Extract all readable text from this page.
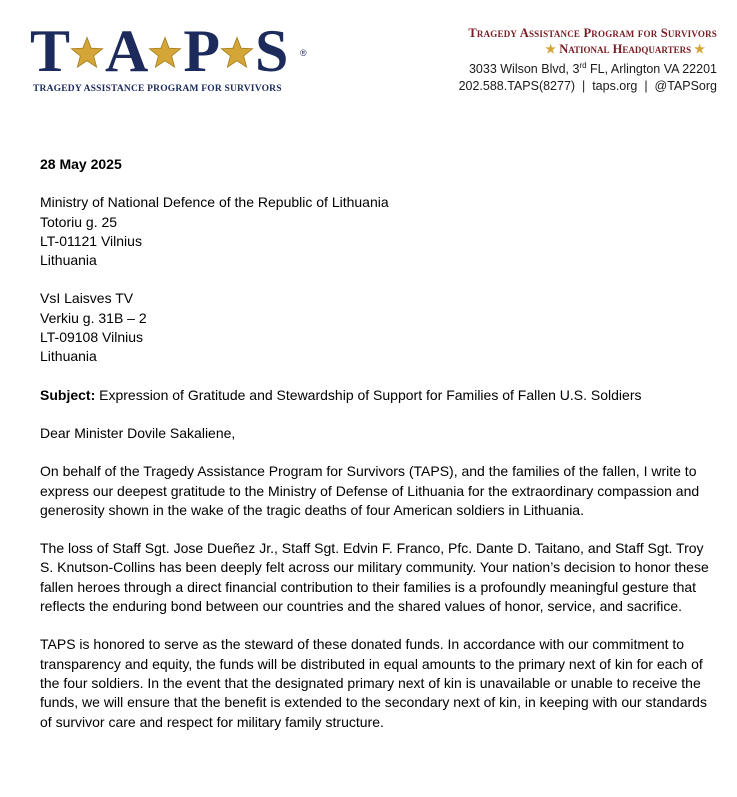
T A P S ®
TRAGEDY ASSISTANCE PROGRAM FOR SURVIVORS
Tragedy Assistance Program for Survivors
★ National Headquarters ★
3033 Wilson Blvd, 3rd FL, Arlington VA 22201
202.588.TAPS(8277)  |  taps.org  |  @TAPSorg

28 May 2025

Ministry of National Defence of the Republic of Lithuania

Totoriu g. 25

LT-01121 Vilnius

Lithuania

VsI Laisves TV

Verkiu g. 31B – 2

LT-09108 Vilnius

Lithuania

Subject: Expression of Gratitude and Stewardship of Support for Families of Fallen U.S. Soldiers

Dear Minister Dovile Sakaliene,

On behalf of the Tragedy Assistance Program for Survivors (TAPS), and the families of the fallen, I write to express our deepest gratitude to the Ministry of Defense of Lithuania for the extraordinary compassion and generosity shown in the wake of the tragic deaths of four American soldiers in Lithuania.

The loss of Staff Sgt. Jose Dueñez Jr., Staff Sgt. Edvin F. Franco, Pfc. Dante D. Taitano, and Staff Sgt. Troy S. Knutson-Collins has been deeply felt across our military community. Your nation’s decision to honor these fallen heroes through a direct financial contribution to their families is a profoundly meaningful gesture that reflects the enduring bond between our countries and the shared values of honor, service, and sacrifice.

TAPS is honored to serve as the steward of these donated funds. In accordance with our commitment to transparency and equity, the funds will be distributed in equal amounts to the primary next of kin for each of the four soldiers. In the event that the designated primary next of kin is unavailable or unable to receive the funds, we will ensure that the benefit is extended to the secondary next of kin, in keeping with our standards of survivor care and respect for military family structure.
